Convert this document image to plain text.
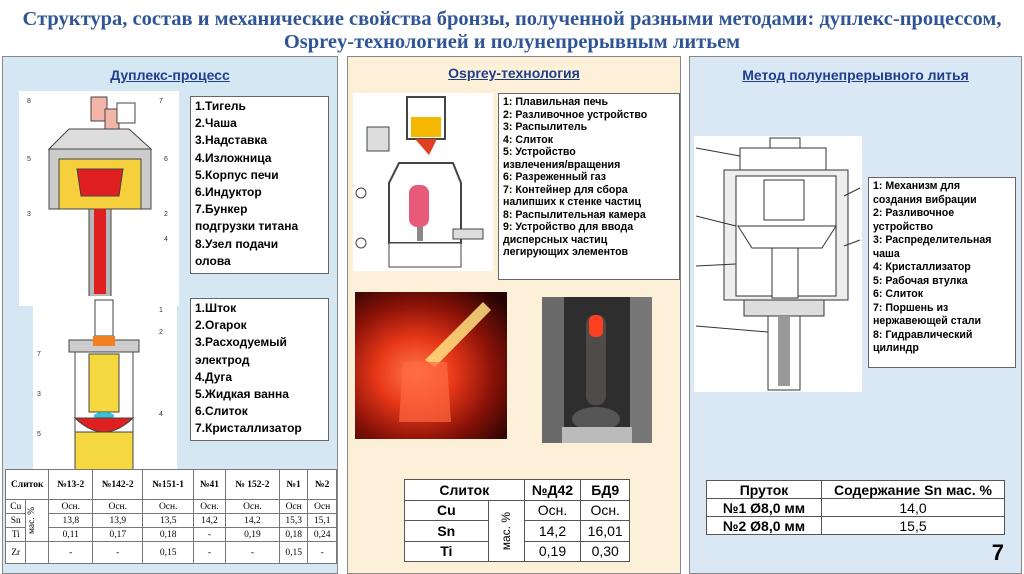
Структура, состав и механические свойства бронзы, полученной разными методами: дуплекс-процессом, Osprey-технологией и полунепрерывным литьем
Дуплекс-процесс
8	7
5	6
3	2
4
1.Тигель
2.Чаша
3.Надставка
4.Изложница
5.Корпус печи
6.Индуктор
7.Бункер
подгрузки титана
8.Узел подачи
олова
7
3
5
1
2
4
1.Шток
2.Огарок
3.Расходуемый
электрод
4.Дуга
5.Жидкая ванна
6.Слиток
7.Кристаллизатор
Слиток		№13-2	№142-2	№151-1	№41	№ 152-2	№1	№2
Cu	мас. %	Осн.	Осн.	Осн.	Осн.	Осн.	Осн	Осн
Sn		13,8	13,9	13,5	14,2	14,2	15,3	15,1
Ti		0,11	0,17	0,18	-	0,19	0,18	0,24
Zr		-	-	0,15	-	-	0,15	-
Osprey-технология
1: Плавильная печь
2: Разливочное устройство
3: Распылитель
4: Слиток
5: Устройство
извлечения/вращения
6: Разреженный газ
7: Контейнер для сбора
налипших к стенке частиц
8: Распылительная камера
9: Устройство для ввода
дисперсных частиц
легирующих элементов
Слиток		№Д42	БД9
Cu	мас. %	Осн.	Осн.
Sn		14,2	16,01
Ti		0,19	0,30
Метод полунепрерывного литья
1: Механизм для
создания вибрации
2: Разливочное
устройство
3: Распределительная
чаша
4: Кристаллизатор
5: Рабочая втулка
6: Слиток
7: Поршень из
нержавеющей стали
8: Гидравлический
цилиндр
Пруток	Содержание Sn мас. %
№1 Ø8,0 мм	14,0
№2 Ø8,0 мм	15,5
7
